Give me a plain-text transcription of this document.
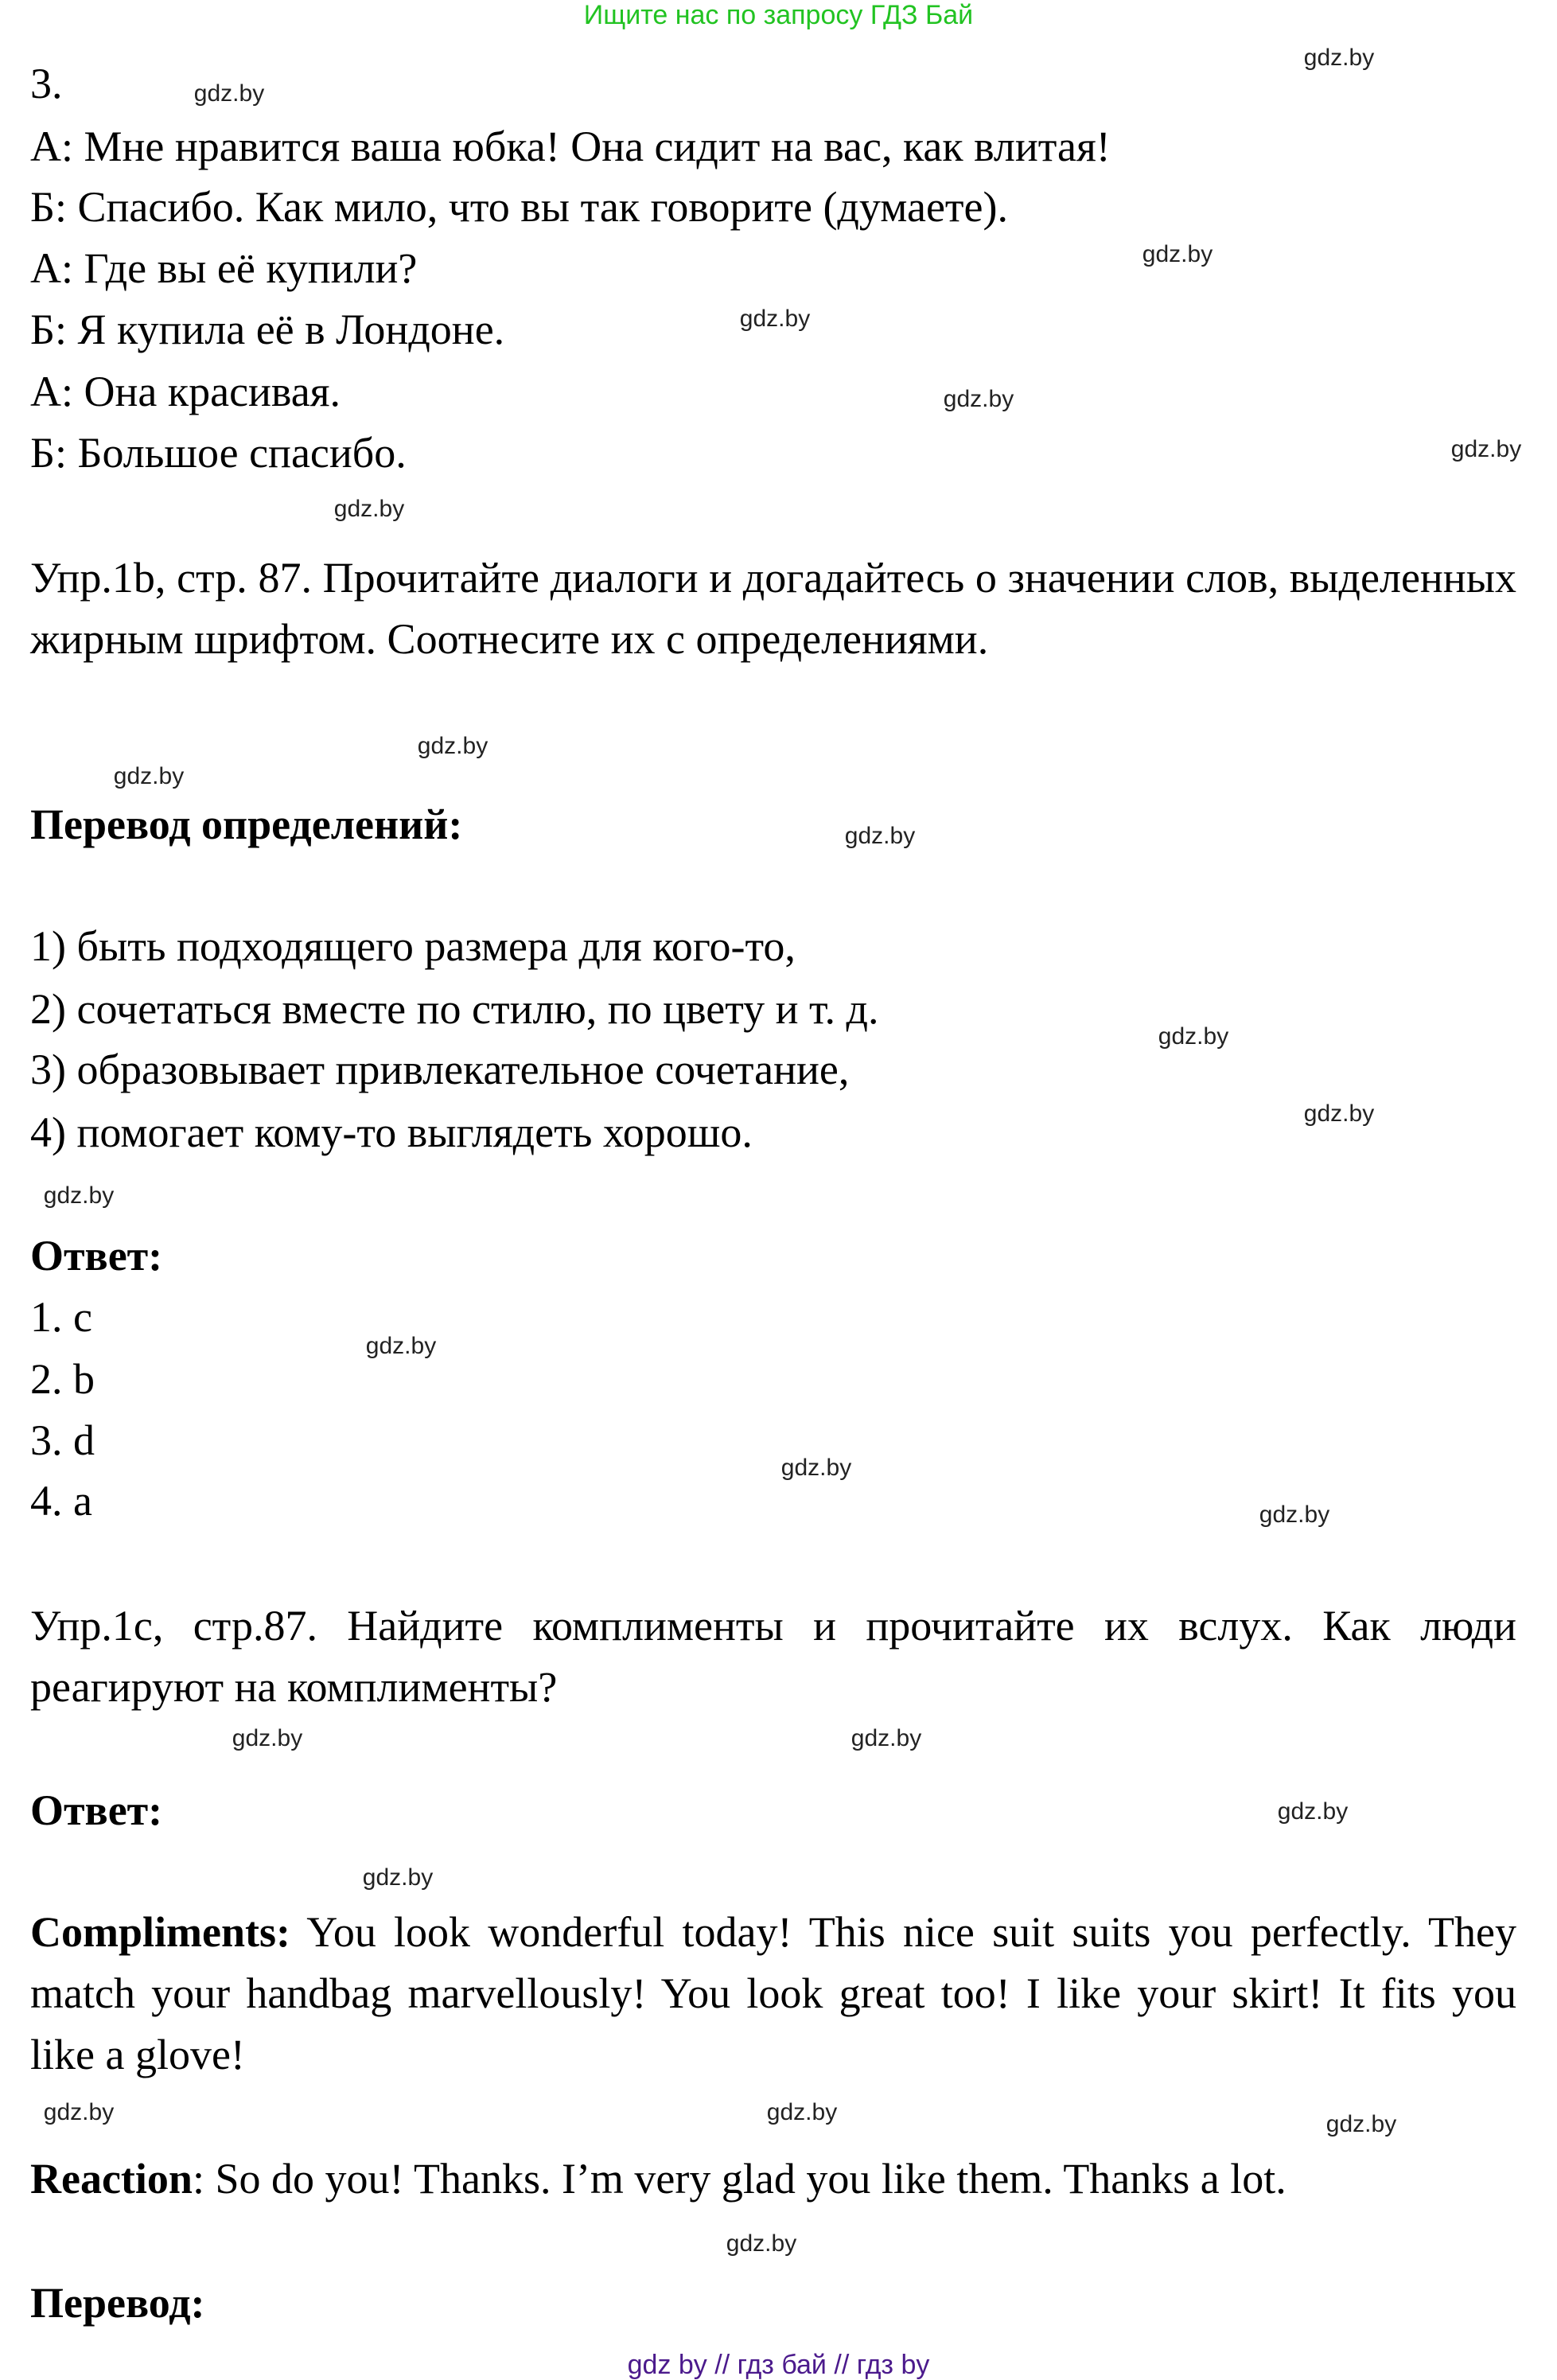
Ищите нас по запросу ГДЗ Бай
3.
А: Мне нравится ваша юбка! Она сидит на вас, как влитая!
Б: Спасибо. Как мило, что вы так говорите (думаете).
А: Где вы её купили?
Б: Я купила её в Лондоне.
А: Она красивая.
Б: Большое спасибо.
Упр.1b, стр. 87. Прочитайте диалоги и догадайтесь о значении слов, выделенных жирным шрифтом. Соотнесите их с определениями.
Перевод определений:
1) быть подходящего размера для кого-то,
2) сочетаться вместе по стилю, по цвету и т. д.
3) образовывает привлекательное сочетание,
4) помогает кому-то выглядеть хорошо.
Ответ:
1. c
2. b
3. d
4. a
Упр.1c, стр.87. Найдите комплименты и прочитайте их вслух. Как люди реагируют на комплименты?
Ответ:
Compliments: You look wonderful today! This nice suit suits you perfectly. They match your handbag marvellously! You look great too! I like your skirt! It fits you like a glove!
Reaction: So do you! Thanks. I’m very glad you like them. Thanks a lot.
Перевод:
gdz by // гдз бай // гдз by
gdz.by
gdz.by
gdz.by
gdz.by
gdz.by
gdz.by
gdz.by
gdz.by
gdz.by
gdz.by
gdz.by
gdz.by
gdz.by
gdz.by
gdz.by
gdz.by
gdz.by
gdz.by
gdz.by
gdz.by
gdz.by
gdz.by	gdz.by
gdz.by
